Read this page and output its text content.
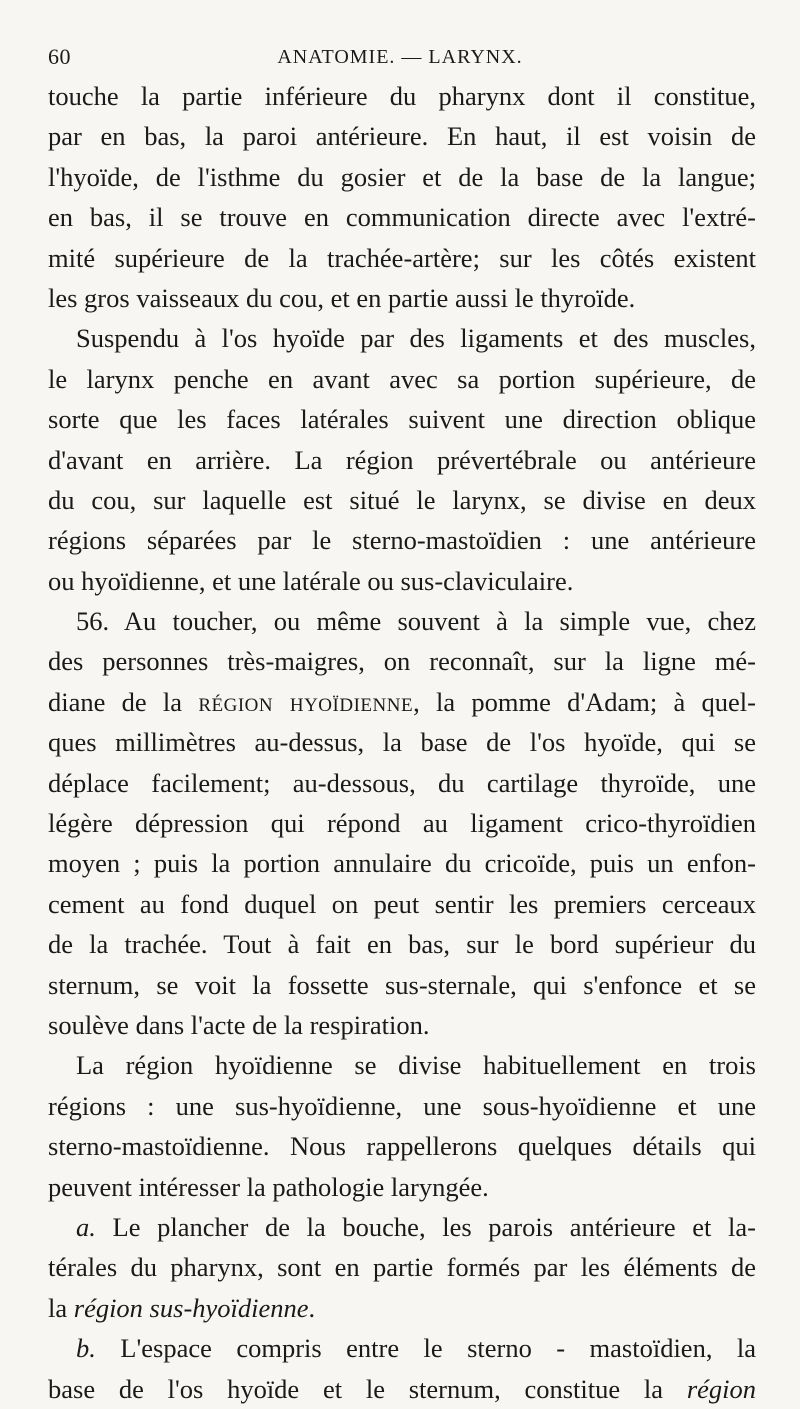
60	ANATOMIE. — LARYNX.
touche la partie inférieure du pharynx dont il constitue,
par en bas, la paroi antérieure. En haut, il est voisin de
l'hyoïde, de l'isthme du gosier et de la base de la langue;
en bas, il se trouve en communication directe avec l'extré-
mité supérieure de la trachée-artère; sur les côtés existent
les gros vaisseaux du cou, et en partie aussi le thyroïde.
Suspendu à l'os hyoïde par des ligaments et des muscles,
le larynx penche en avant avec sa portion supérieure, de
sorte que les faces latérales suivent une direction oblique
d'avant en arrière. La région prévertébrale ou antérieure
du cou, sur laquelle est situé le larynx, se divise en deux
régions séparées par le sterno-mastoïdien : une antérieure
ou hyoïdienne, et une latérale ou sus-claviculaire.
56. Au toucher, ou même souvent à la simple vue, chez
des personnes très-maigres, on reconnaît, sur la ligne mé-
diane de la région hyoïdienne, la pomme d'Adam; à quel-
ques millimètres au-dessus, la base de l'os hyoïde, qui se
déplace facilement; au-dessous, du cartilage thyroïde, une
légère dépression qui répond au ligament crico-thyroïdien
moyen ; puis la portion annulaire du cricoïde, puis un enfon-
cement au fond duquel on peut sentir les premiers cerceaux
de la trachée. Tout à fait en bas, sur le bord supérieur du
sternum, se voit la fossette sus-sternale, qui s'enfonce et se
soulève dans l'acte de la respiration.
La région hyoïdienne se divise habituellement en trois
régions : une sus-hyoïdienne, une sous-hyoïdienne et une
sterno-mastoïdienne. Nous rappellerons quelques détails qui
peuvent intéresser la pathologie laryngée.
a. Le plancher de la bouche, les parois antérieure et la-
térales du pharynx, sont en partie formés par les éléments de
la région sus-hyoïdienne.
b. L'espace compris entre le sterno - mastoïdien, la
base de l'os hyoïde et le sternum, constitue la région
